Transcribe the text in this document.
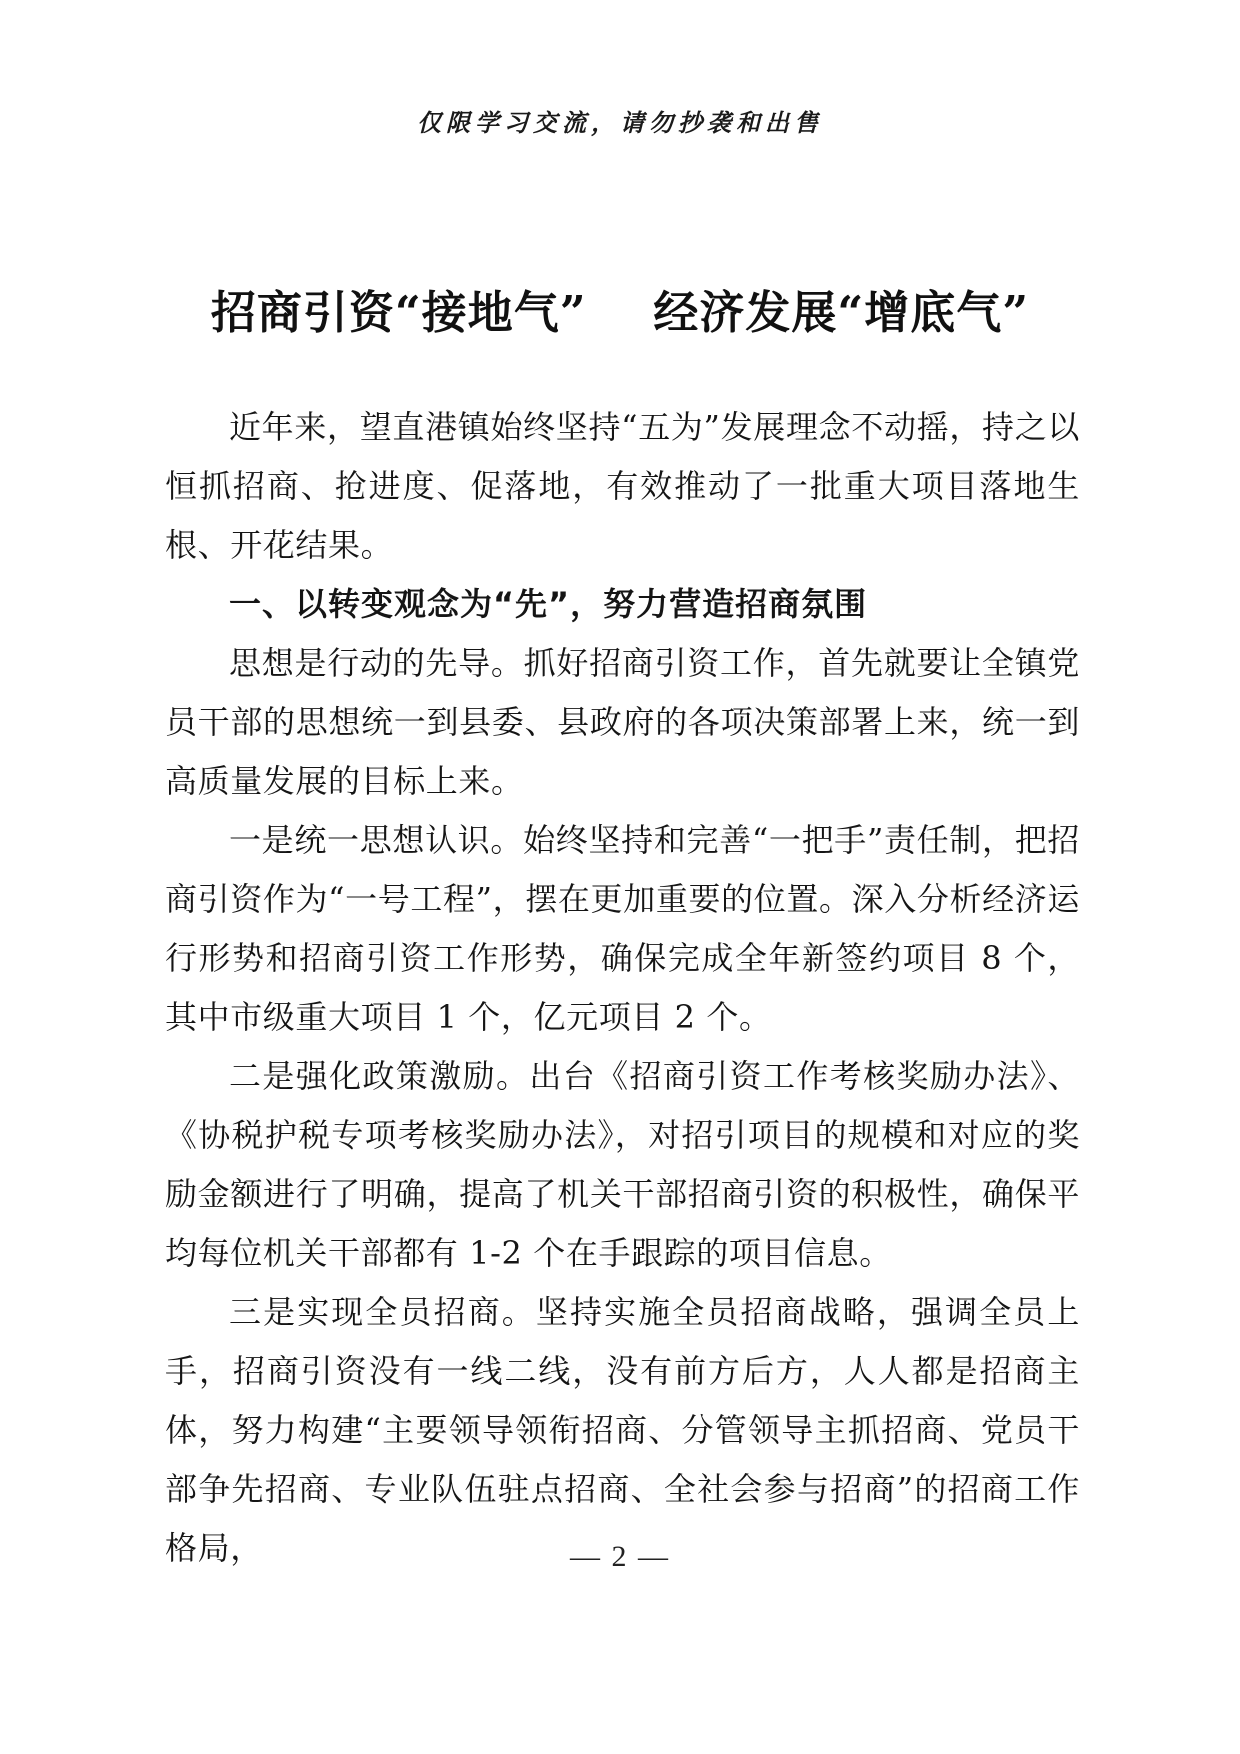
仅限学习交流，请勿抄袭和出售
招商引资“接地气”    经济发展“增底气”

近年来，望直港镇始终坚持“五为”发展理念不动摇，持之以恒抓招商、抢进度、促落地，有效推动了一批重大项目落地生根、开花结果。

一、以转变观念为“先”，努力营造招商氛围

思想是行动的先导。抓好招商引资工作，首先就要让全镇党员干部的思想统一到县委、县政府的各项决策部署上来，统一到高质量发展的目标上来。

一是统一思想认识。始终坚持和完善“一把手”责任制，把招商引资作为“一号工程”，摆在更加重要的位置。深入分析经济运行形势和招商引资工作形势，确保完成全年新签约项目 8 个，其中市级重大项目 1 个，亿元项目 2 个。

二是强化政策激励。出台《招商引资工作考核奖励办法》、《协税护税专项考核奖励办法》，对招引项目的规模和对应的奖励金额进行了明确，提高了机关干部招商引资的积极性，确保平均每位机关干部都有 1-2 个在手跟踪的项目信息。

三是实现全员招商。坚持实施全员招商战略，强调全员上手，招商引资没有一线二线，没有前方后方，人人都是招商主体，努力构建“主要领导领衔招商、分管领导主抓招商、党员干部争先招商、专业队伍驻点招商、全社会参与招商”的招商工作格局，	— 2 —
